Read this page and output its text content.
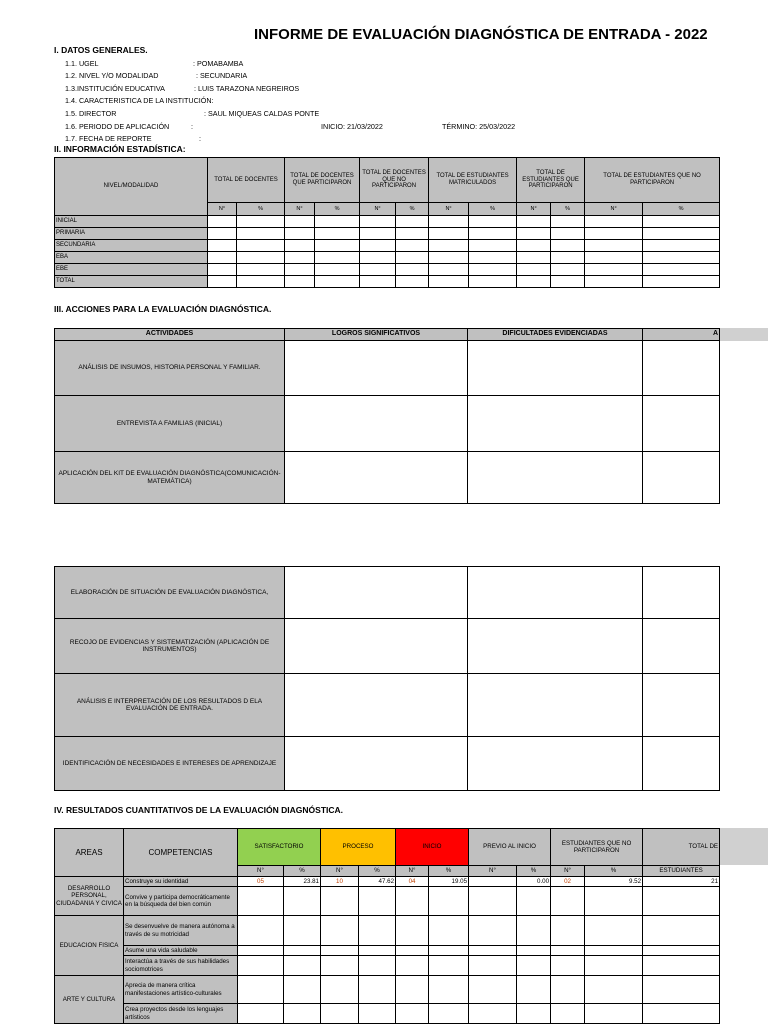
INFORME DE EVALUACIÓN DIAGNÓSTICA DE ENTRADA - 2022
I. DATOS GENERALES.
1.1. UGEL	: POMABAMBA
1.2. NIVEL Y/O MODALIDAD	: SECUNDARIA
1.3.INSTITUCIÓN EDUCATIVA	: LUIS TARAZONA NEGREIROS
1.4. CARACTERISTICA DE LA INSTITUCIÓN:
1.5. DIRECTOR	: SAUL MIQUEAS CALDAS PONTE
1.6. PERIODO DE APLICACIÓN	:	INICIO: 21/03/2022	TÉRMINO: 25/03/2022
1.7. FECHA DE REPORTE	:
II. INFORMACIÓN ESTADÍSTICA:
NIVEL/MODALIDAD	TOTAL DE DOCENTES		TOTAL DE DOCENTES QUE PARTICIPARON		TOTAL DE DOCENTES QUE NO PARTICIPARON		TOTAL DE ESTUDIANTES MATRICULADOS		TOTAL DE ESTUDIANTES QUE PARTICIPARON		TOTAL DE ESTUDIANTES QUE NO PARTICIPARON	
	N°	%	N°	%	N°	%	N°	%	N°	%	N°	%
INICIAL												
PRIMARIA												
SECUNDARIA												
EBA												
EBE												
TOTAL												
III. ACCIONES PARA LA EVALUACIÓN DIAGNÓSTICA.
ACTIVIDADES	LOGROS SIGNIFICATIVOS	DIFICULTADES EVIDENCIADAS	A
ANÁLISIS DE INSUMOS, HISTORIA PERSONAL Y FAMILIAR.			
ENTREVISTA A FAMILIAS (INICIAL)			
APLICACIÓN DEL KIT DE EVALUACIÓN DIAGNÓSTICA(COMUNICACIÓN- MATEMÁTICA)			
ELABORACIÓN DE SITUACIÓN DE EVALUACIÓN DIAGNÓSTICA,			
RECOJO DE EVIDENCIAS Y SISTEMATIZACIÓN (APLICACIÓN DE INSTRUMENTOS)			
ANÁLISIS E INTERPRETACIÓN DE LOS RESULTADOS D ELA EVALUACIÓN DE ENTRADA.			
IDENTIFICACIÓN DE NECESIDADES E INTERESES DE APRENDIZAJE			
IV. RESULTADOS CUANTITATIVOS DE LA EVALUACIÓN DIAGNÓSTICA.
AREAS	COMPETENCIAS	SATISFACTORIO		PROCESO		INICIO		PREVIO AL INICIO		ESTUDIANTES QUE NO PARTICIPARON		TOTAL DE
		N°	%	N°	%	N°	%	N°	%	N°	%	ESTUDIANTES
DESARROLLO PERSONAL, CIUDADANIA Y CIVICA	Construye su identidad	05	23.81	10	47.62	04	19.05		0.00	02	9.52	21
	Convive y participa democráticamente en la búsqueda del bien común											
EDUCACION FISICA	Se desenvuelve de manera autónoma a través de su motricidad											
	Asume una vida saludable											
	Interactúa a través de sus habilidades sociomotrices											
ARTE Y CULTURA	Aprecia de manera crítica manifestaciones artístico-culturales											
	Crea proyectos desde los lenguajes artísticos											
